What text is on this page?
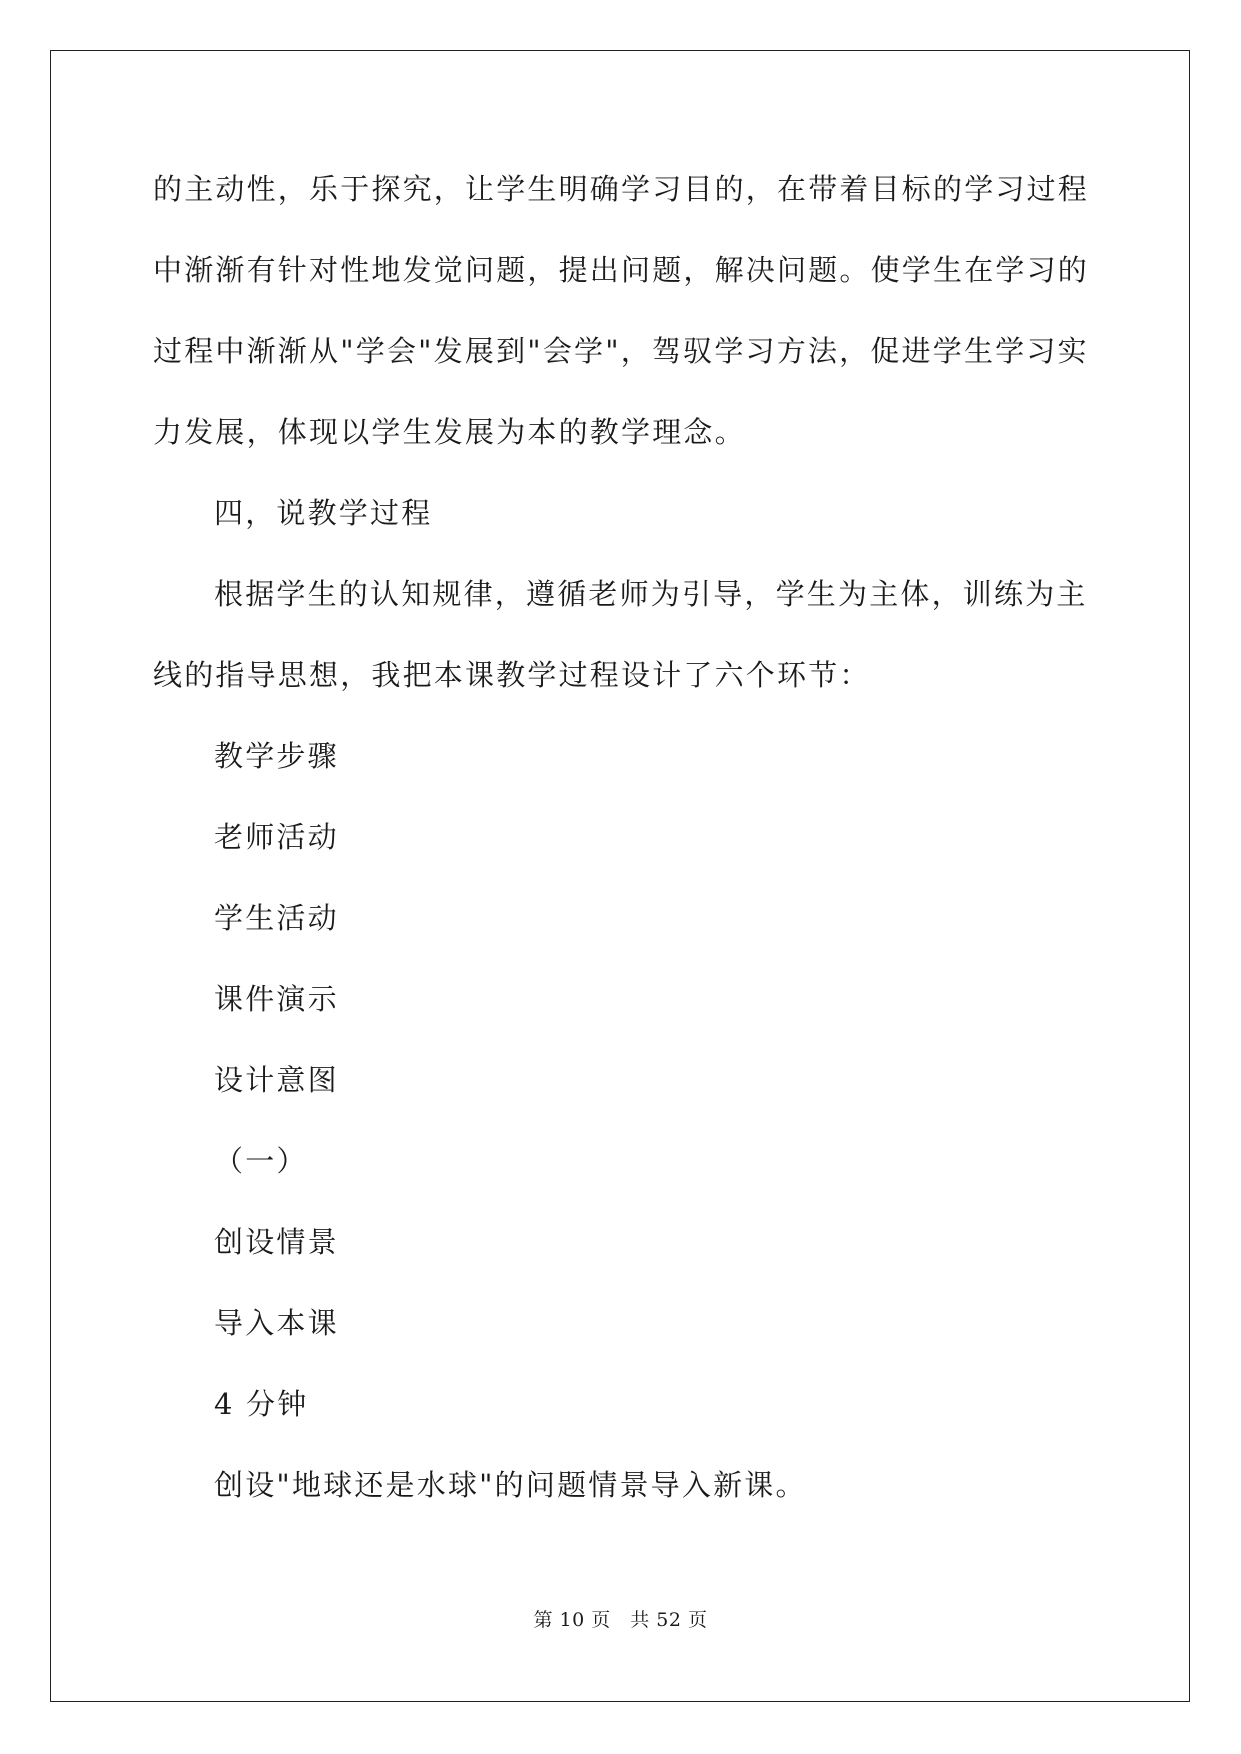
的主动性，乐于探究，让学生明确学习目的，在带着目标的学习过程
中渐渐有针对性地发觉问题，提出问题，解决问题。使学生在学习的
过程中渐渐从"学会"发展到"会学"，驾驭学习方法，促进学生学习实
力发展，体现以学生发展为本的教学理念。
四，说教学过程
根据学生的认知规律，遵循老师为引导，学生为主体，训练为主
线的指导思想，我把本课教学过程设计了六个环节：
教学步骤
老师活动
学生活动
课件演示
设计意图
（一）
创设情景
导入本课
4 分钟
创设"地球还是水球"的问题情景导入新课。
第 10 页　共 52 页
